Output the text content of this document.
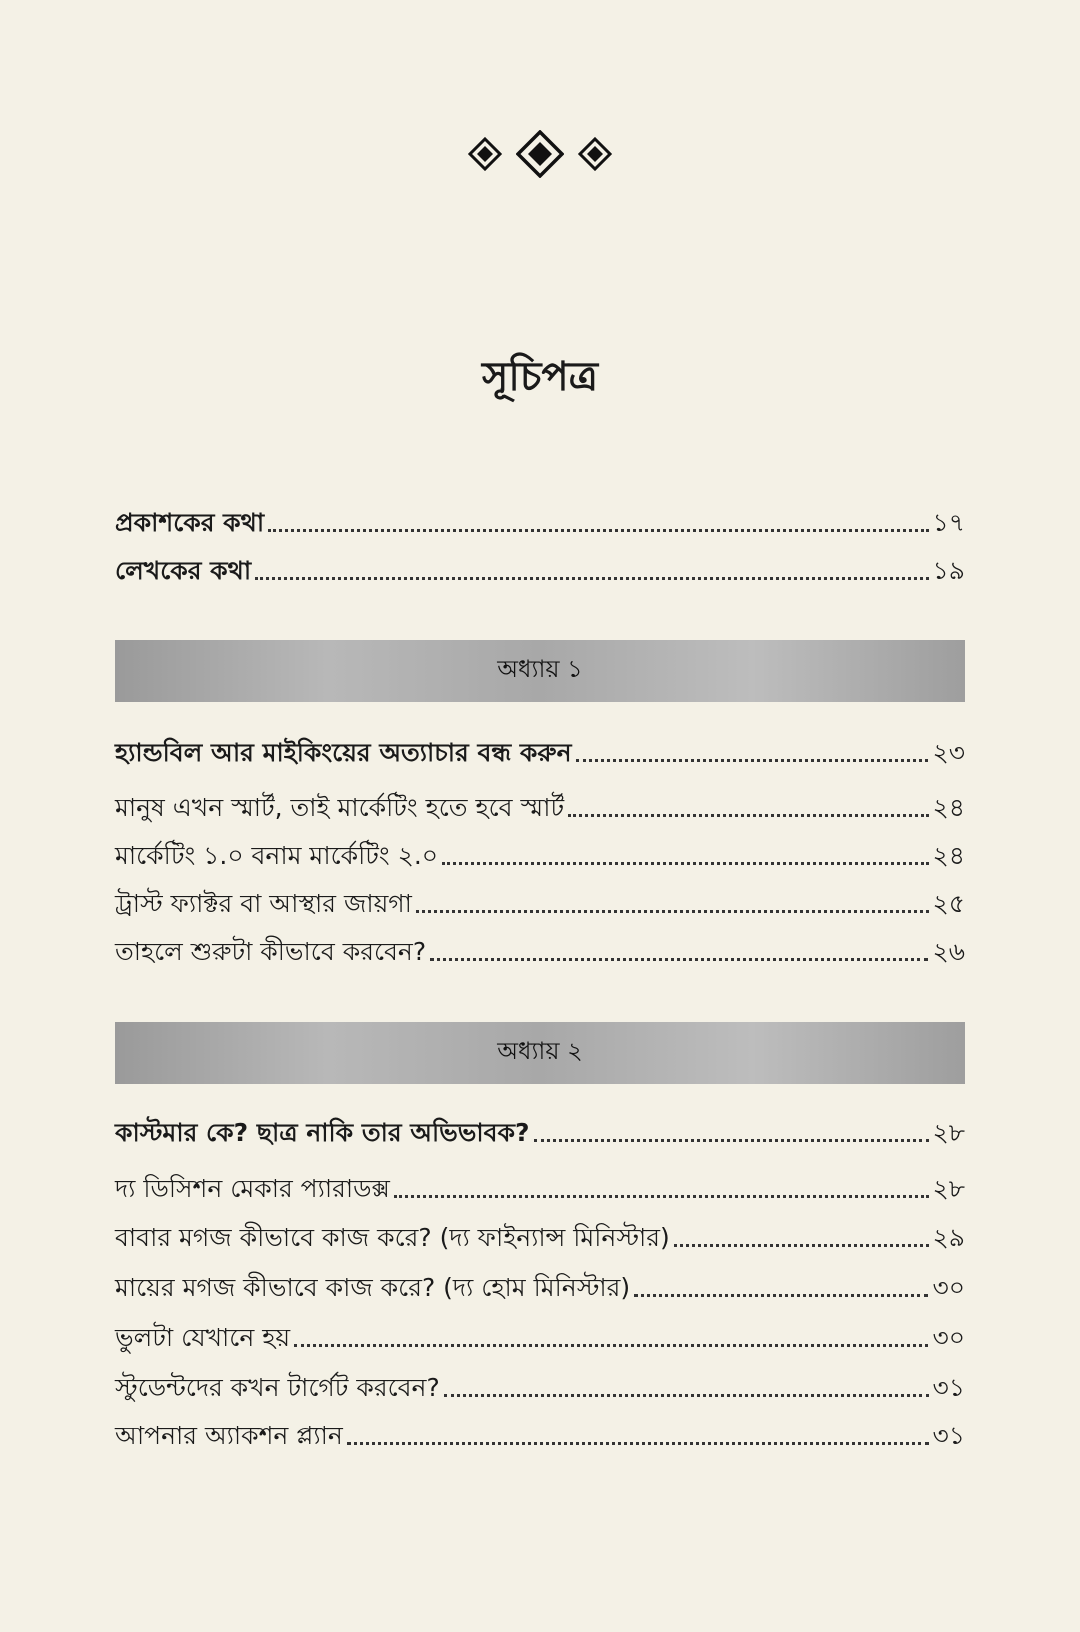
সূচিপত্র
প্রকাশকের কথা	১৭
লেখকের কথা	১৯
অধ্যায় ১
হ্যান্ডবিল আর মাইকিংয়ের অত্যাচার বন্ধ করুন	২৩
মানুষ এখন স্মার্ট, তাই মার্কেটিং হতে হবে স্মার্ট	২৪
মার্কেটিং ১.০ বনাম মার্কেটিং ২.০	২৪
ট্রাস্ট ফ্যাক্টর বা আস্থার জায়গা	২৫
তাহলে শুরুটা কীভাবে করবেন?	২৬
অধ্যায় ২
কাস্টমার কে? ছাত্র নাকি তার অভিভাবক?	২৮
দ্য ডিসিশন মেকার প্যারাডক্স	২৮
বাবার মগজ কীভাবে কাজ করে? (দ্য ফাইন্যান্স মিনিস্টার)	২৯
মায়ের মগজ কীভাবে কাজ করে? (দ্য হোম মিনিস্টার)	৩০
ভুলটা যেখানে হয়	৩০
স্টুডেন্টদের কখন টার্গেট করবেন?	৩১
আপনার অ্যাকশন প্ল্যান	৩১
